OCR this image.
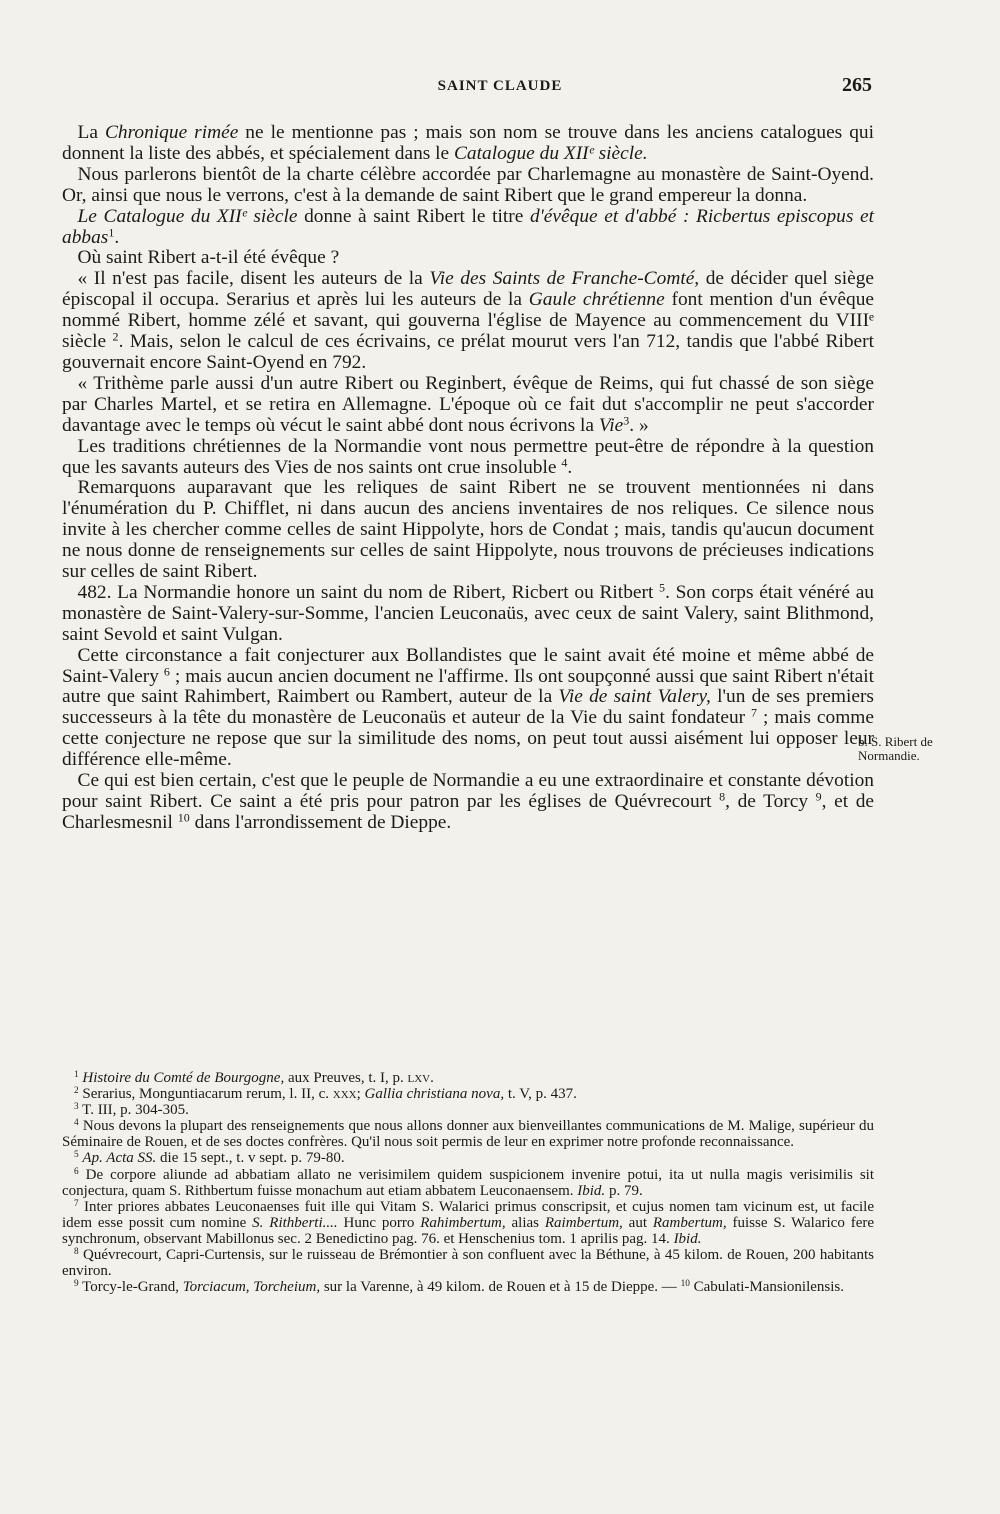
SAINT CLAUDE	265

La Chronique rimée ne le mentionne pas ; mais son nom se trouve dans les anciens catalogues qui donnent la liste des abbés, et spécialement dans le Catalogue du XIIᵉ siècle.

Nous parlerons bientôt de la charte célèbre accordée par Charlemagne au monastère de Saint-Oyend. Or, ainsi que nous le verrons, c'est à la demande de saint Ribert que le grand empereur la donna.

Le Catalogue du XIIᵉ siècle donne à saint Ribert le titre d'évêque et d'abbé : Ricbertus episcopus et abbas$^1$.

Où saint Ribert a-t-il été évêque ?

« Il n'est pas facile, disent les auteurs de la Vie des Saints de Franche-Comté, de décider quel siège épiscopal il occupa. Serarius et après lui les auteurs de la Gaule chrétienne font mention d'un évêque nommé Ribert, homme zélé et savant, qui gouverna l'église de Mayence au commencement du VIIIᵉ siècle $^2$. Mais, selon le calcul de ces écrivains, ce prélat mourut vers l'an 712, tandis que l'abbé Ribert gouvernait encore Saint-Oyend en 792.

« Trithème parle aussi d'un autre Ribert ou Reginbert, évêque de Reims, qui fut chassé de son siège par Charles Martel, et se retira en Allemagne. L'époque où ce fait dut s'accomplir ne peut s'accorder davantage avec le temps où vécut le saint abbé dont nous écrivons la Vie$^3$. »

Les traditions chrétiennes de la Normandie vont nous permettre peut-être de répondre à la question que les savants auteurs des Vies de nos saints ont crue insoluble $^4$.

Remarquons auparavant que les reliques de saint Ribert ne se trouvent mentionnées ni dans l'énumération du P. Chifflet, ni dans aucun des anciens inventaires de nos reliques. Ce silence nous invite à les chercher comme celles de saint Hippolyte, hors de Condat ; mais, tandis qu'aucun document ne nous donne de renseignements sur celles de saint Hippolyte, nous trouvons de précieuses indications sur celles de saint Ribert.

482. La Normandie honore un saint du nom de Ribert, Ricbert ou Ritbert $^5$. Son corps était vénéré au monastère de Saint-Valery-sur-Somme, l'ancien Leuconaüs, avec ceux de saint Valery, saint Blithmond, saint Sevold et saint Vulgan.

Cette circonstance a fait conjecturer aux Bollandistes que le saint avait été moine et même abbé de Saint-Valery $^6$ ; mais aucun ancien document ne l'affirme. Ils ont soupçonné aussi que saint Ribert n'était autre que saint Rahimbert, Raimbert ou Rambert, auteur de la Vie de saint Valery, l'un de ses premiers successeurs à la tête du monastère de Leuconaüs et auteur de la Vie du saint fondateur $^7$ ; mais comme cette conjecture ne repose que sur la similitude des noms, on peut tout aussi aisément lui opposer leur différence elle-même.

Ce qui est bien certain, c'est que le peuple de Normandie a eu une extraordinaire et constante dévotion pour saint Ribert. Ce saint a été pris pour patron par les églises de Quévrecourt $^8$, de Torcy $^9$, et de Charlesmesnil $^{10}$ dans l'arrondissement de Dieppe.

b. S. Ribert de Normandie.

$^1$ Histoire du Comté de Bourgogne, aux Preuves, t. I, p. lxv.

$^2$ Serarius, Monguntiacarum rerum, l. II, c. xxx; Gallia christiana nova, t. V, p. 437.

$^3$ T. III, p. 304-305.

$^4$ Nous devons la plupart des renseignements que nous allons donner aux bienveillantes communications de M. Malige, supérieur du Séminaire de Rouen, et de ses doctes confrères. Qu'il nous soit permis de leur en exprimer notre profonde reconnaissance.

$^5$ Ap. Acta SS. die 15 sept., t. v sept. p. 79-80.

$^6$ De corpore aliunde ad abbatiam allato ne verisimilem quidem suspicionem invenire potui, ita ut nulla magis verisimilis sit conjectura, quam S. Rithbertum fuisse monachum aut etiam abbatem Leuconaensem. Ibid. p. 79.

$^7$ Inter priores abbates Leuconaenses fuit ille qui Vitam S. Walarici primus conscripsit, et cujus nomen tam vicinum est, ut facile idem esse possit cum nomine S. Rithberti.... Hunc porro Rahimbertum, alias Raimbertum, aut Rambertum, fuisse S. Walarico fere synchronum, observant Mabillonus sec. 2 Benedictino pag. 76. et Henschenius tom. 1 aprilis pag. 14. Ibid.

$^8$ Quévrecourt, Capri-Curtensis, sur le ruisseau de Brémontier à son confluent avec la Béthune, à 45 kilom. de Rouen, 200 habitants environ.

$^9$ Torcy-le-Grand, Torciacum, Torcheium, sur la Varenne, à 49 kilom. de Rouen et à 15 de Dieppe. — $^{10}$ Cabulati-Mansionilensis.
